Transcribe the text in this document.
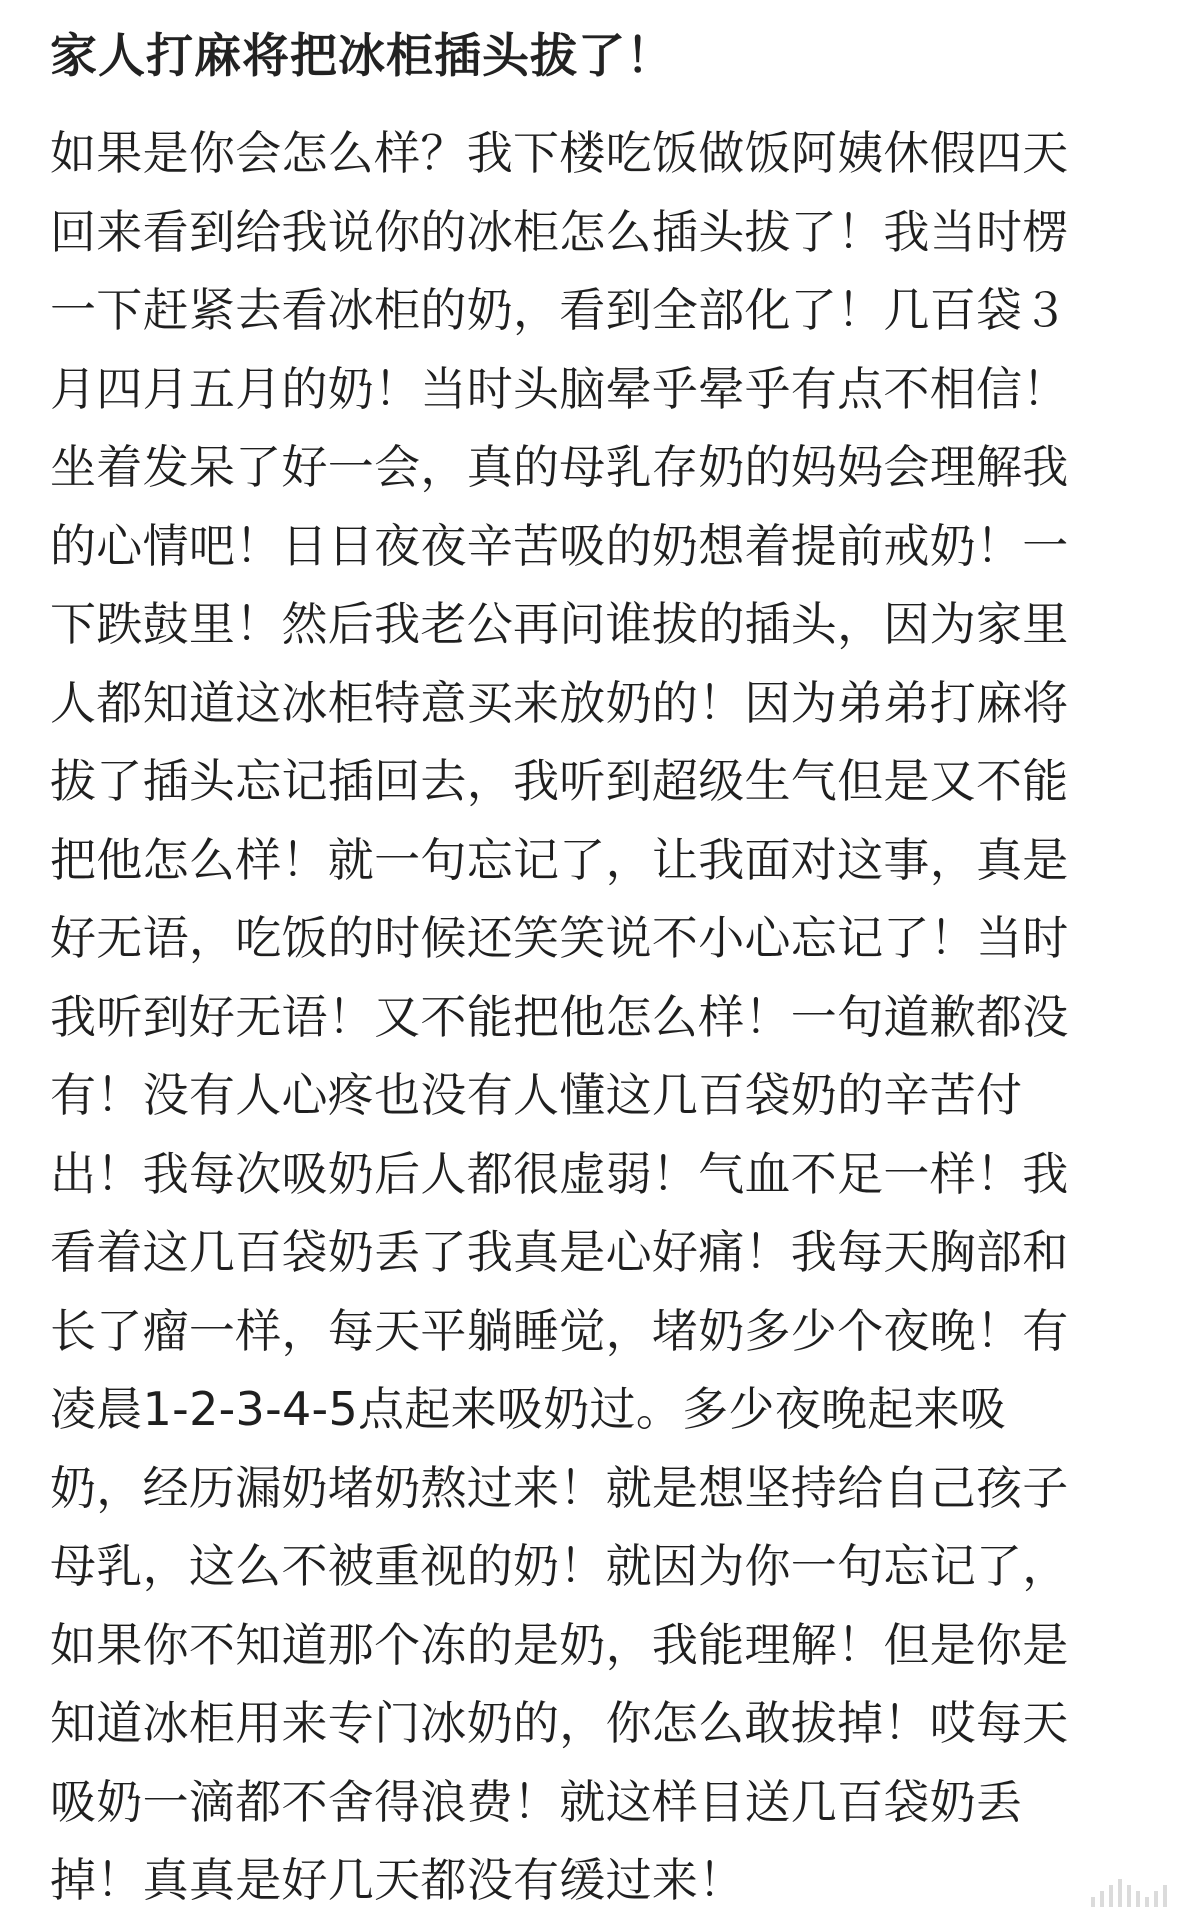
家人打麻将把冰柜插头拔了！
如果是你会怎么样？我下楼吃饭做饭阿姨休假四天
回来看到给我说你的冰柜怎么插头拔了！我当时楞
一下赶紧去看冰柜的奶，看到全部化了！几百袋３
月四月五月的奶！当时头脑晕乎晕乎有点不相信！
坐着发呆了好一会，真的母乳存奶的妈妈会理解我
的心情吧！日日夜夜辛苦吸的奶想着提前戒奶！一
下跌鼓里！然后我老公再问谁拔的插头，因为家里
人都知道这冰柜特意买来放奶的！因为弟弟打麻将
拔了插头忘记插回去，我听到超级生气但是又不能
把他怎么样！就一句忘记了，让我面对这事，真是
好无语，吃饭的时候还笑笑说不小心忘记了！当时
我听到好无语！又不能把他怎么样！一句道歉都没
有！没有人心疼也没有人懂这几百袋奶的辛苦付
出！我每次吸奶后人都很虚弱！气血不足一样！我
看着这几百袋奶丢了我真是心好痛！我每天胸部和
长了瘤一样，每天平躺睡觉，堵奶多少个夜晚！有
凌晨1-2-3-4-5点起来吸奶过。多少夜晚起来吸
奶，经历漏奶堵奶熬过来！就是想坚持给自己孩子
母乳，这么不被重视的奶！就因为你一句忘记了，
如果你不知道那个冻的是奶，我能理解！但是你是
知道冰柜用来专门冰奶的，你怎么敢拔掉！哎每天
吸奶一滴都不舍得浪费！就这样目送几百袋奶丢
掉！真真是好几天都没有缓过来！
